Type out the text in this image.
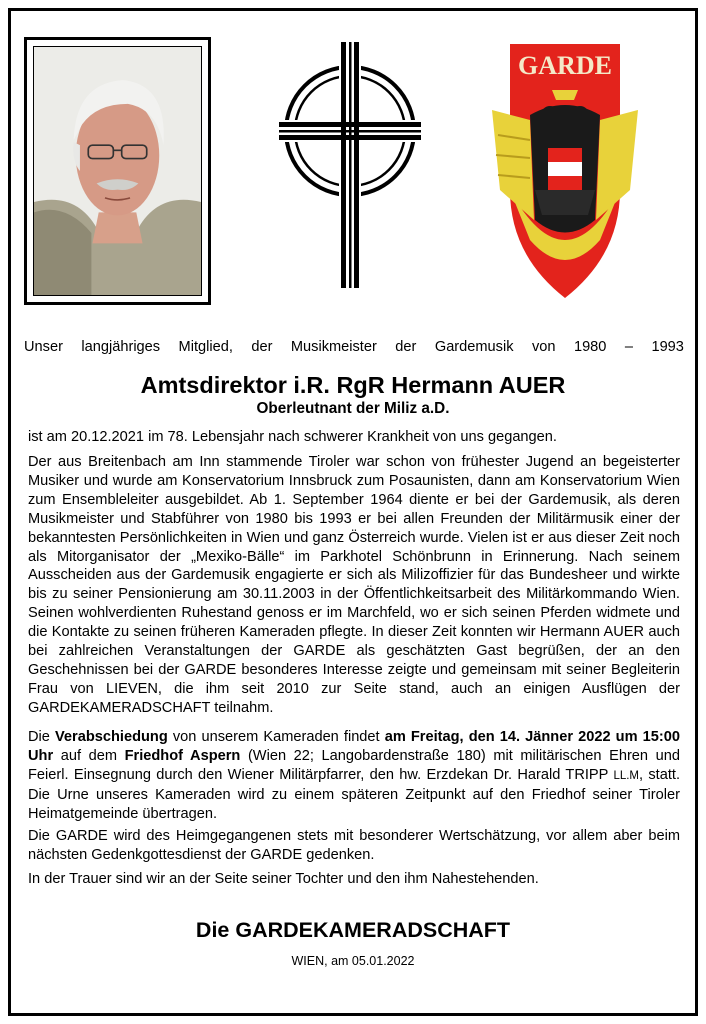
GARDE
Unser langjähriges Mitglied, der Musikmeister der Gardemusik von 1980 – 1993
Amtsdirektor i.R. RgR Hermann AUER
Oberleutnant der Miliz a.D.
ist am 20.12.2021 im 78. Lebensjahr nach schwerer Krankheit von uns gegangen.
Der aus Breitenbach am Inn stammende Tiroler war schon von frühester Jugend an begeisterter Musiker und wurde am Konservatorium Innsbruck zum Posaunisten, dann am Konservatorium Wien zum Ensembleleiter ausgebildet. Ab 1. September 1964 diente er bei der Gardemusik, als deren Musikmeister und Stabführer von 1980 bis 1993 er bei allen Freunden der Militärmusik einer der bekanntesten Persönlichkeiten in Wien und ganz Österreich wurde. Vielen ist er aus dieser Zeit noch als Mitorganisator der „Mexiko-Bälle“ im Parkhotel Schönbrunn in Erinnerung. Nach seinem Ausscheiden aus der Gardemusik engagierte er sich als Milizoffizier für das Bundesheer und wirkte bis zu seiner Pensionierung am 30.11.2003 in der Öffentlichkeitsarbeit des Militärkommando Wien. Seinen wohlverdienten Ruhestand genoss er im Marchfeld, wo er sich seinen Pferden widmete und die Kontakte zu seinen früheren Kameraden pflegte. In dieser Zeit konnten wir Hermann AUER auch bei zahlreichen Veranstaltungen der GARDE als geschätzten Gast begrüßen, der an den Geschehnissen bei der GARDE besonderes Interesse zeigte und gemeinsam mit seiner Begleiterin Frau von LIEVEN, die ihm seit 2010 zur Seite stand, auch an einigen Ausflügen der GARDEKAMERADSCHAFT teilnahm.
Die Verabschiedung von unserem Kameraden findet am Freitag, den 14. Jänner 2022 um 15:00 Uhr auf dem Friedhof Aspern (Wien 22; Langobardenstraße 180) mit militärischen Ehren und Feierl. Einsegnung durch den Wiener Militärpfarrer, den hw. Erzdekan Dr. Harald TRIPP LL.M, statt. Die Urne unseres Kameraden wird zu einem späteren Zeitpunkt auf den Friedhof seiner Tiroler Heimatgemeinde übertragen.
Die GARDE wird des Heimgegangenen stets mit besonderer Wertschätzung, vor allem aber beim nächsten Gedenkgottesdienst der GARDE gedenken.
In der Trauer sind wir an der Seite seiner Tochter und den ihm Nahestehenden.
Die GARDEKAMERADSCHAFT
WIEN, am 05.01.2022
